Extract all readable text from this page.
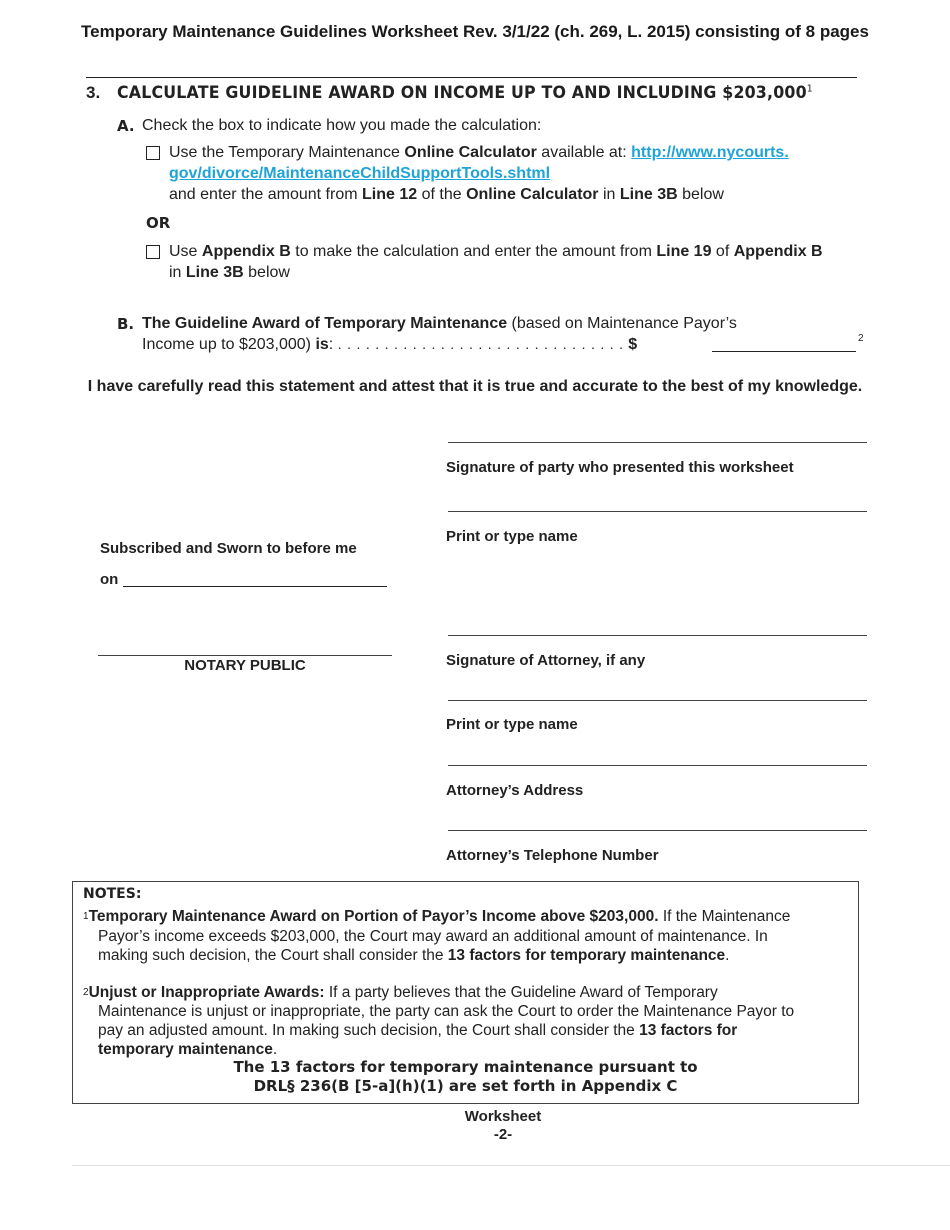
Temporary Maintenance Guidelines Worksheet Rev. 3/1/22 (ch. 269, L. 2015) consisting of 8 pages
3. CALCULATE GUIDELINE AWARD ON INCOME UP TO AND INCLUDING $203,000$^1$
A. Check the box to indicate how you made the calculation:
Use the Temporary Maintenance Online Calculator available at: http://www.nycourts.
gov/divorce/MaintenanceChildSupportTools.shtml
and enter the amount from Line 12 of the Online Calculator in Line 3B below
OR
Use Appendix B to make the calculation and enter the amount from Line 19 of Appendix B
in Line 3B below
B. The Guideline Award of Temporary Maintenance (based on Maintenance Payor’s
Income up to $203,000) is: . . . . . . . . . . . . . . . . . . . . . . . . . . . . . . . $	2
I have carefully read this statement and attest that it is true and accurate to the best of my knowledge.
Signature of party who presented this worksheet
Print or type name
Subscribed and Sworn to before me
on
NOTARY PUBLIC	Signature of Attorney, if any
Print or type name
Attorney’s Address
Attorney’s Telephone Number
NOTES:
$^1$Temporary Maintenance Award on Portion of Payor’s Income above $203,000. If the Maintenance
Payor’s income exceeds $203,000, the Court may award an additional amount of maintenance. In
making such decision, the Court shall consider the 13 factors for temporary maintenance.
$^2$Unjust or Inappropriate Awards: If a party believes that the Guideline Award of Temporary
Maintenance is unjust or inappropriate, the party can ask the Court to order the Maintenance Payor to
pay an adjusted amount. In making such decision, the Court shall consider the 13 factors for
temporary maintenance.
The 13 factors for temporary maintenance pursuant to
DRL§ 236(B [5-a](h)(1) are set forth in Appendix C
Worksheet
-2-
